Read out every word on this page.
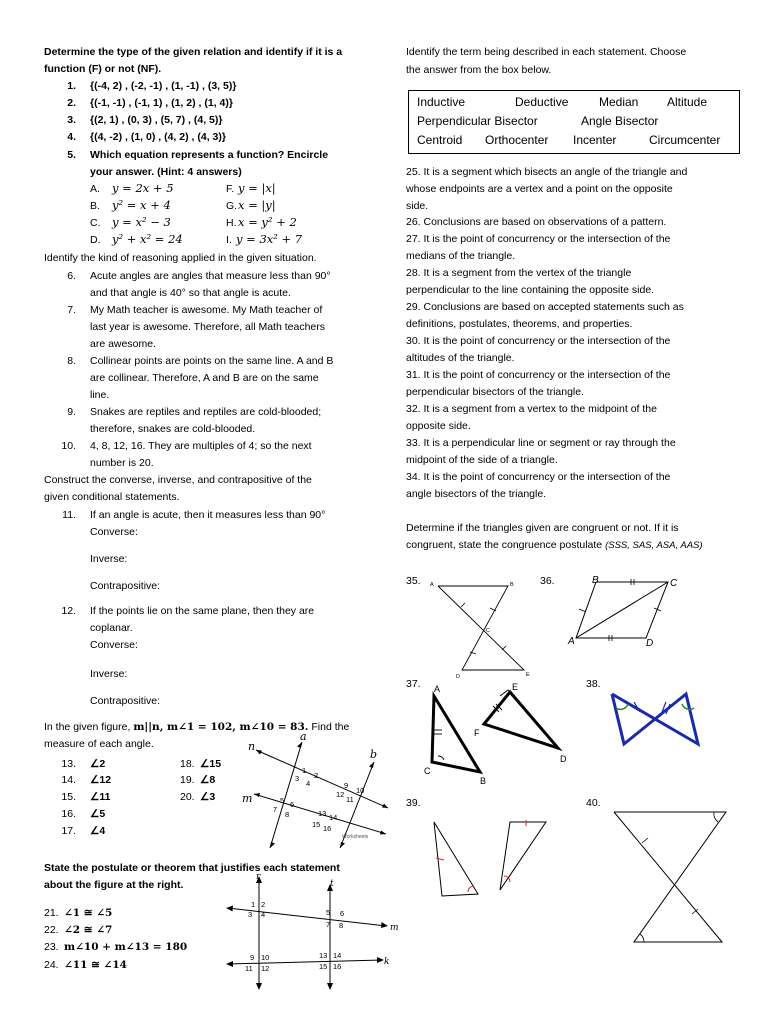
Determine the type of the given relation and identify if it is a
function (F) or not (NF).
1. {(-4, 2) , (-2, -1) , (1, -1) , (3, 5)}
2. {(-1, -1) , (-1, 1) , (1, 2) , (1, 4)}
3. {(2, 1) , (0, 3) , (5, 7) , (4, 5)}
4. {(4, -2) , (1, 0) , (4, 2) , (4, 3)}
5. Which equation represents a function? Encircle
your answer. (Hint: 4 answers)
A. y = 2x + 5
B. y² = x + 4
C. y = x² − 3
D. y² + x² = 24
F. y = |x|
G. x = |y|
H. x = y² + 2
I. y = 3x² + 7
Identify the kind of reasoning applied in the given situation.
6. Acute angles are angles that measure less than 90°
and that angle is 40° so that angle is acute.
7. My Math teacher is awesome. My Math teacher of
last year is awesome. Therefore, all Math teachers
are awesome.
8. Collinear points are points on the same line. A and B
are collinear. Therefore, A and B are on the same
line.
9. Snakes are reptiles and reptiles are cold-blooded;
therefore, snakes are cold-blooded.
10. 4, 8, 12, 16. They are multiples of 4; so the next
number is 20.
Construct the converse, inverse, and contrapositive of the
given conditional statements.
11. If an angle is acute, then it measures less than 90°
Converse:
Inverse:
Contrapositive:
12. If the points lie on the same plane, then they are
coplanar.
Converse:
Inverse:
Contrapositive:
In the given figure, m||n, m∠1 = 102, m∠10 = 83. Find the
measure of each angle.
13. ∠2
14. ∠12
15. ∠11
16. ∠5
17. ∠4
18. ∠15
19. ∠8
20. ∠3
a
b
n
m
1
2
3
4
5 6
7
8
9
10
11
12
13 14
15 16
Worksheets
State the postulate or theorem that justifies each statement
about the figure at the right.
21. ∠1 ≅ ∠5
22. ∠2 ≅ ∠7
23. m∠10 + m∠13 = 180
24. ∠11 ≅ ∠14
r
t
m
k
1 2
3 4	5 6
7 8
9 10
11 12
13 14
15 16
Identify the term being described in each statement. Choose
the answer from the box below.
Inductive	Deductive	Median Altitude
Perpendicular Bisector	Angle Bisector
Centroid Orthocenter Incenter	Circumcenter
25. It is a segment which bisects an angle of the triangle and
whose endpoints are a vertex and a point on the opposite
side.
26. Conclusions are based on observations of a pattern.
27. It is the point of concurrency or the intersection of the
medians of the triangle.
28. It is a segment from the vertex of the triangle
perpendicular to the line containing the opposite side.
29. Conclusions are based on accepted statements such as
definitions, postulates, theorems, and properties.
30. It is the point of concurrency or the intersection of the
altitudes of the triangle.
31. It is the point of concurrency or the intersection of the
perpendicular bisectors of the triangle.
32. It is a segment from a vertex to the midpoint of the
opposite side.
33. It is a perpendicular line or segment or ray through the
midpoint of the side of a triangle.
34. It is the point of concurrency or the intersection of the
angle bisectors of the triangle.
Determine if the triangles given are congruent or not. If it is
congruent, state the congruence postulate (SSS, SAS, ASA, AAS)
35.	36.
37.	38.
39.	40.
A	B
C
D	E
B	C
A	D
A
C
B
E
F
D
